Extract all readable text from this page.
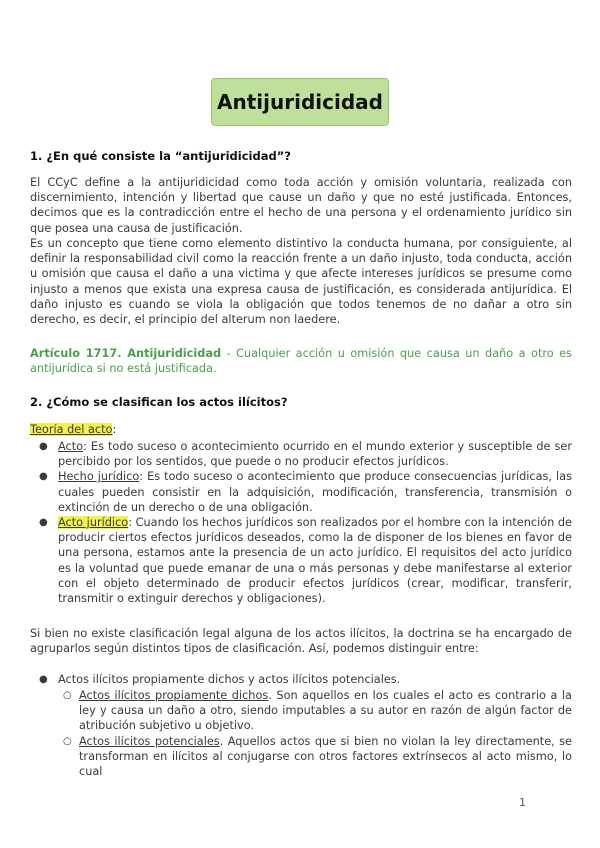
Antijuridicidad
1. ¿En qué consiste la “antijuridicidad”?
El CCyC define a la antijuridicidad como toda acción y omisión voluntaria, realizada con discernimiento, intención y libertad que cause un daño y que no esté justificada. Entonces, decimos que es la contradicción entre el hecho de una persona y el ordenamiento jurídico sin que posea una causa de justificación.
Es un concepto que tiene como elemento distintivo la conducta humana, por consiguiente, al definir la responsabilidad civil como la reacción frente a un daño injusto, toda conducta, acción u omisión que causa el daño a una victima y que afecte intereses jurídicos se presume como injusto a menos que exista una expresa causa de justificación, es considerada antijurídica. El daño injusto es cuando se viola la obligación que todos tenemos de no dañar a otro sin derecho, es decir, el principio del alterum non laedere.
Artículo 1717. Antijuridicidad - Cualquier acción u omisión que causa un daño a otro es antijurídica si no está justificada.
2. ¿Cómo se clasifican los actos ilícitos?
Teoría del acto:
● Acto: Es todo suceso o acontecimiento ocurrido en el mundo exterior y susceptible de ser percibido por los sentidos, que puede o no producir efectos jurídicos.
● Hecho jurídico: Es todo suceso o acontecimiento que produce consecuencias jurídicas, las cuales pueden consistir en la adquisición, modificación, transferencia, transmisión o extinción de un derecho o de una obligación.
● Acto jurídico: Cuando los hechos jurídicos son realizados por el hombre con la intención de producir ciertos efectos jurídicos deseados, como la de disponer de los bienes en favor de una persona, estamos ante la presencia de un acto jurídico. El requisitos del acto jurídico es la voluntad que puede emanar de una o más personas y debe manifestarse al exterior con el objeto determinado de producir efectos jurídicos (crear, modificar, transferir, transmitir o extinguir derechos y obligaciones).
Si bien no existe clasificación legal alguna de los actos ilícitos, la doctrina se ha encargado de agruparlos según distintos tipos de clasificación. Así, podemos distinguir entre:
● Actos ilícitos propiamente dichos y actos ilícitos potenciales.
○ Actos ilícitos propiamente dichos. Son aquellos en los cuales el acto es contrario a la ley y causa un daño a otro, siendo imputables a su autor en razón de algún factor de atribución subjetivo u objetivo.
○ Actos ilícitos potenciales. Aquellos actos que si bien no violan la ley directamente, se transforman en ilícitos al conjugarse con otros factores extrínsecos al acto mismo, lo cual
1
